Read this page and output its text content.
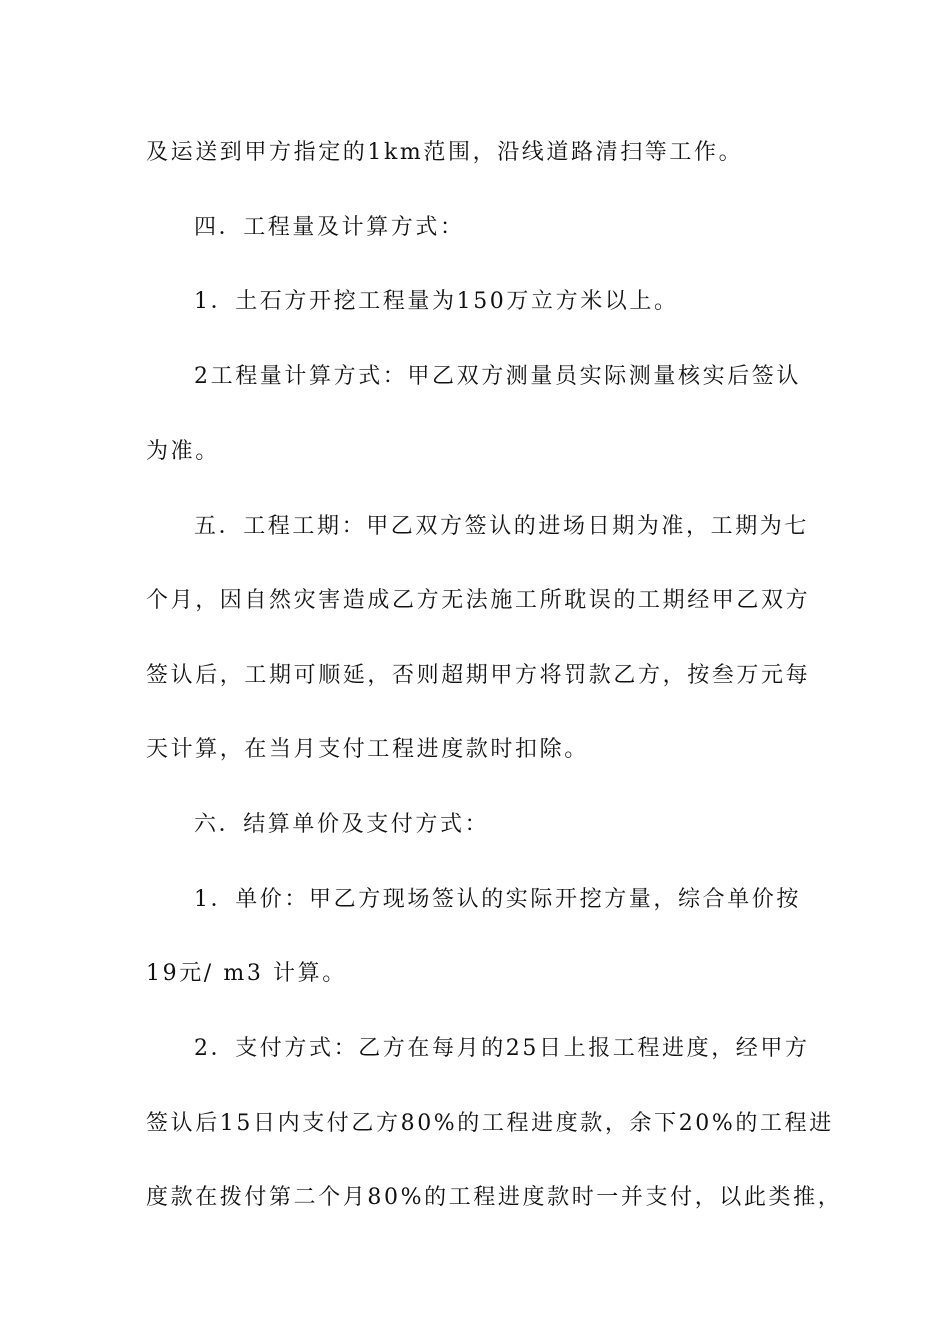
及运送到甲方指定的1km范围，沿线道路清扫等工作。
四．工程量及计算方式：
1．土石方开挖工程量为150万立方米以上。
2工程量计算方式：甲乙双方测量员实际测量核实后签认
为准。
五．工程工期：甲乙双方签认的进场日期为准，工期为七
个月，因自然灾害造成乙方无法施工所耽误的工期经甲乙双方
签认后，工期可顺延，否则超期甲方将罚款乙方，按叁万元每
天计算，在当月支付工程进度款时扣除。
六．结算单价及支付方式：
1．单价：甲乙方现场签认的实际开挖方量，综合单价按
19元/ m3 计算。
2．支付方式：乙方在每月的25日上报工程进度，经甲方
签认后15日内支付乙方80%的工程进度款，余下20%的工程进
度款在拨付第二个月80%的工程进度款时一并支付，以此类推，
